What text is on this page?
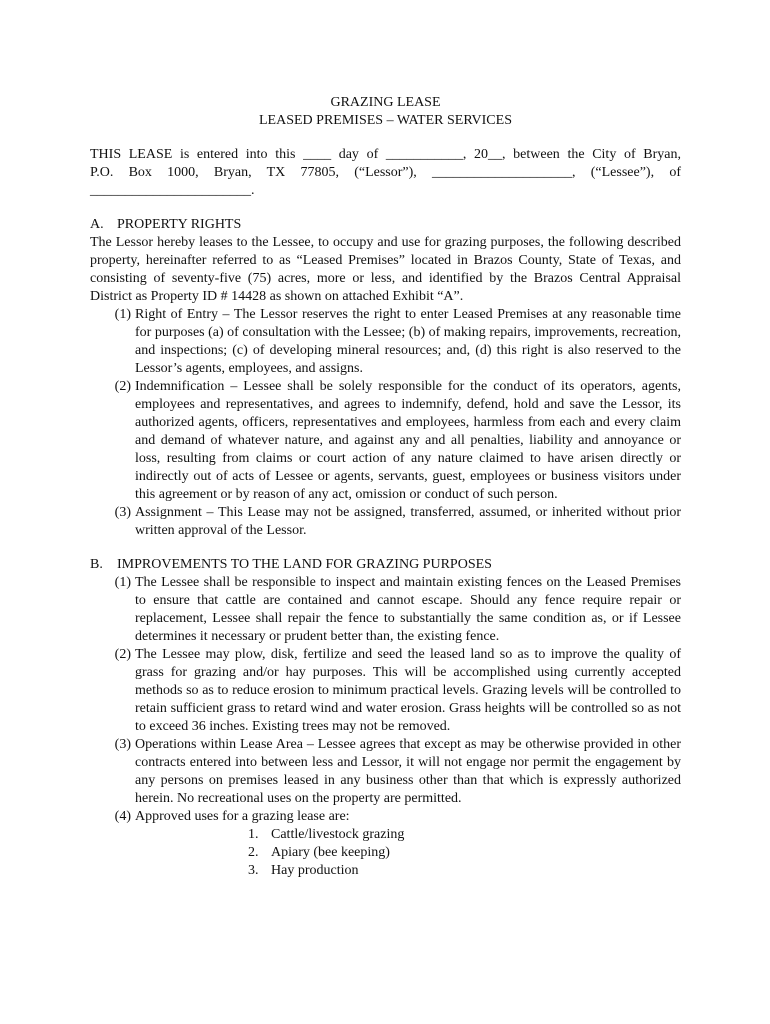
GRAZING LEASE
LEASED PREMISES – WATER SERVICES
THIS LEASE is entered into this ____ day of ___________, 20__, between the City of Bryan,
P.O. Box 1000, Bryan, TX 77805, (“Lessor”), ____________________, (“Lessee”), of
_______________________.
A. PROPERTY RIGHTS
The Lessor hereby leases to the Lessee, to occupy and use for grazing purposes, the following described property, hereinafter referred to as “Leased Premises” located in Brazos County, State of Texas, and consisting of seventy-five (75) acres, more or less, and identified by the Brazos Central Appraisal District as Property ID # 14428 as shown on attached Exhibit “A”.
(1) Right of Entry – The Lessor reserves the right to enter Leased Premises at any reasonable time for purposes (a) of consultation with the Lessee; (b) of making repairs, improvements, recreation, and inspections; (c) of developing mineral resources; and, (d) this right is also reserved to the Lessor’s agents, employees, and assigns.
(2) Indemnification – Lessee shall be solely responsible for the conduct of its operators, agents, employees and representatives, and agrees to indemnify, defend, hold and save the Lessor, its authorized agents, officers, representatives and employees, harmless from each and every claim and demand of whatever nature, and against any and all penalties, liability and annoyance or loss, resulting from claims or court action of any nature claimed to have arisen directly or indirectly out of acts of Lessee or agents, servants, guest, employees or business visitors under this agreement or by reason of any act, omission or conduct of such person.
(3) Assignment – This Lease may not be assigned, transferred, assumed, or inherited without prior written approval of the Lessor.
B.	IMPROVEMENTS TO THE LAND FOR GRAZING PURPOSES
(1) The Lessee shall be responsible to inspect and maintain existing fences on the Leased Premises to ensure that cattle are contained and cannot escape. Should any fence require repair or replacement, Lessee shall repair the fence to substantially the same condition as, or if Lessee determines it necessary or prudent better than, the existing fence.
(2) The Lessee may plow, disk, fertilize and seed the leased land so as to improve the quality of grass for grazing and/or hay purposes. This will be accomplished using currently accepted methods so as to reduce erosion to minimum practical levels. Grazing levels will be controlled to retain sufficient grass to retard wind and water erosion. Grass heights will be controlled so as not to exceed 36 inches. Existing trees may not be removed.
(3) Operations within Lease Area – Lessee agrees that except as may be otherwise provided in other contracts entered into between less and Lessor, it will not engage nor permit the engagement by any persons on premises leased in any business other than that which is expressly authorized herein. No recreational uses on the property are permitted.
(4) Approved uses for a grazing lease are:
1. Cattle/livestock grazing
2. Apiary (bee keeping)
3. Hay production
